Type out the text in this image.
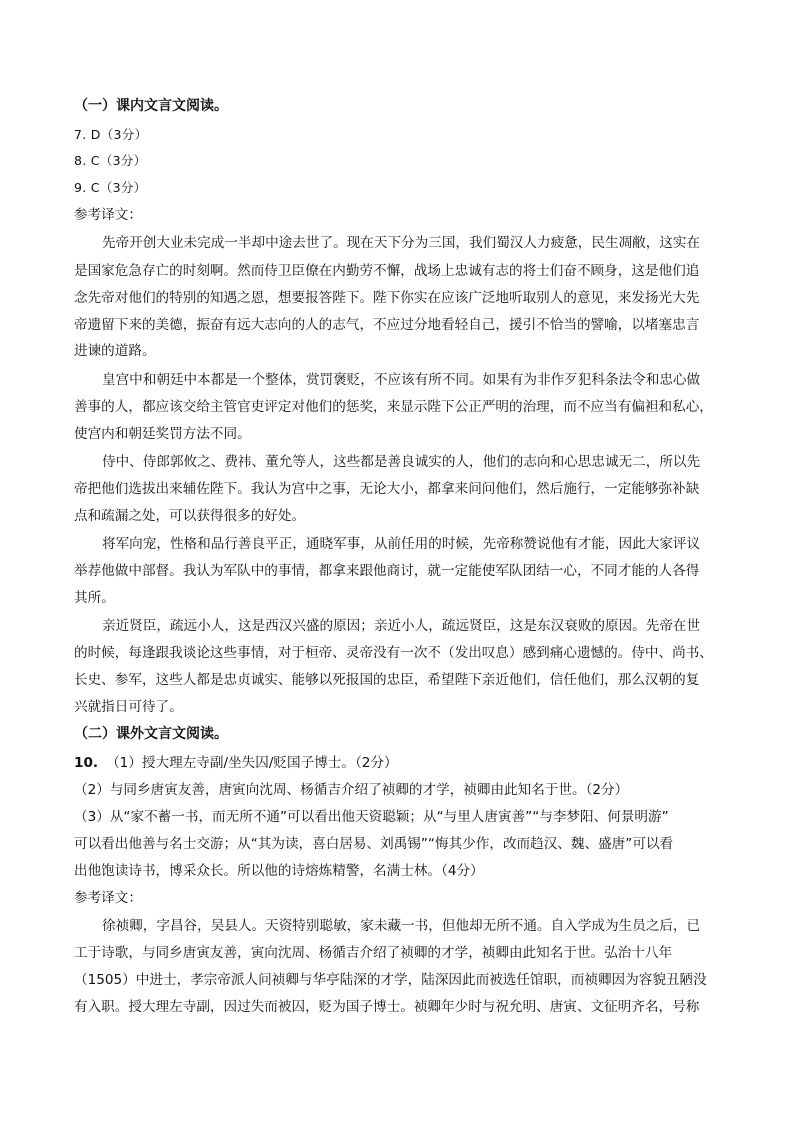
（一）课内文言文阅读。
7. D（3分）
8. C（3分）
9. C（3分）
参考译文：
先帝开创大业未完成一半却中途去世了。现在天下分为三国，我们蜀汉人力疲惫，民生凋敝，这实在
是国家危急存亡的时刻啊。然而侍卫臣僚在内勤劳不懈，战场上忠诚有志的将士们奋不顾身，这是他们追
念先帝对他们的特别的知遇之恩，想要报答陛下。陛下你实在应该广泛地听取别人的意见，来发扬光大先
帝遗留下来的美德，振奋有远大志向的人的志气，不应过分地看轻自己，援引不恰当的譬喻，以堵塞忠言
进谏的道路。
皇宫中和朝廷中本都是一个整体，赏罚褒贬，不应该有所不同。如果有为非作歹犯科条法令和忠心做
善事的人，都应该交给主管官吏评定对他们的惩奖，来显示陛下公正严明的治理，而不应当有偏袒和私心，
使宫内和朝廷奖罚方法不同。
侍中、侍郎郭攸之、费祎、董允等人，这些都是善良诚实的人，他们的志向和心思忠诚无二，所以先
帝把他们选拔出来辅佐陛下。我认为宫中之事，无论大小，都拿来问问他们，然后施行，一定能够弥补缺
点和疏漏之处，可以获得很多的好处。
将军向宠，性格和品行善良平正，通晓军事，从前任用的时候，先帝称赞说他有才能，因此大家评议
举荐他做中部督。我认为军队中的事情，都拿来跟他商讨，就一定能使军队团结一心，不同才能的人各得
其所。
亲近贤臣，疏远小人，这是西汉兴盛的原因；亲近小人，疏远贤臣，这是东汉衰败的原因。先帝在世
的时候，每逢跟我谈论这些事情，对于桓帝、灵帝没有一次不（发出叹息）感到痛心遗憾的。侍中、尚书、
长史、参军，这些人都是忠贞诚实、能够以死报国的忠臣，希望陛下亲近他们，信任他们，那么汉朝的复
兴就指日可待了。
（二）课外文言文阅读。
10. （1）授大理左寺副/坐失囚/贬国子博士。（2分）
（2）与同乡唐寅友善，唐寅向沈周、杨循吉介绍了祯卿的才学，祯卿由此知名于世。（2分）
（3）从“家不蓄一书，而无所不通”可以看出他天资聪颖；从“与里人唐寅善”“与李梦阳、何景明游”
可以看出他善与名士交游；从“其为读，喜白居易、刘禹锡”“悔其少作，改而趋汉、魏、盛唐”可以看
出他饱读诗书，博采众长。所以他的诗熔炼精警，名满士林。（4分）
参考译文：
徐祯卿，字昌谷，吴县人。天资特别聪敏，家未藏一书，但他却无所不通。自入学成为生员之后，已
工于诗歌，与同乡唐寅友善，寅向沈周、杨循吉介绍了祯卿的才学，祯卿由此知名于世。弘治十八年
（1505）中进士，孝宗帝派人问祯卿与华亭陆深的才学，陆深因此而被选任馆职，而祯卿因为容貌丑陋没
有入职。授大理左寺副，因过失而被囚，贬为国子博士。祯卿年少时与祝允明、唐寅、文征明齐名，号称
